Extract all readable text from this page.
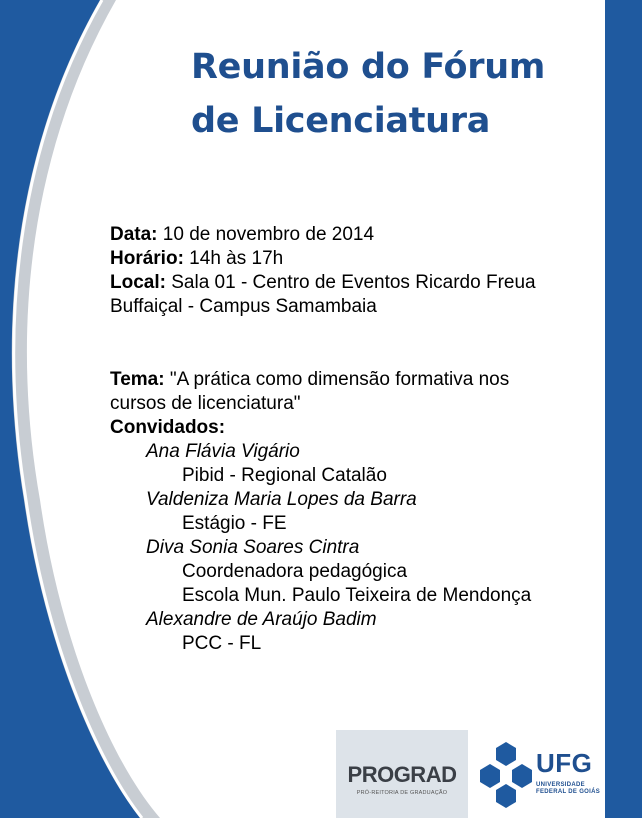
Reunião do Fórum
de Licenciatura
Data: 10 de novembro de 2014
Horário: 14h às 17h
Local: Sala 01 - Centro de Eventos Ricardo Freua
Buffaiçal - Campus Samambaia
Tema: "A prática como dimensão formativa nos
cursos de licenciatura"
Convidados:
Ana Flávia Vigário
Pibid - Regional Catalão
Valdeniza Maria Lopes da Barra
Estágio - FE
Diva Sonia Soares Cintra
Coordenadora pedagógica
Escola Mun. Paulo Teixeira de Mendonça
Alexandre de Araújo Badim
PCC - FL
PROGRAD
PRÓ-REITORIA DE GRADUAÇÃO
UFG
UNIVERSIDADE
FEDERAL DE GOIÁS
